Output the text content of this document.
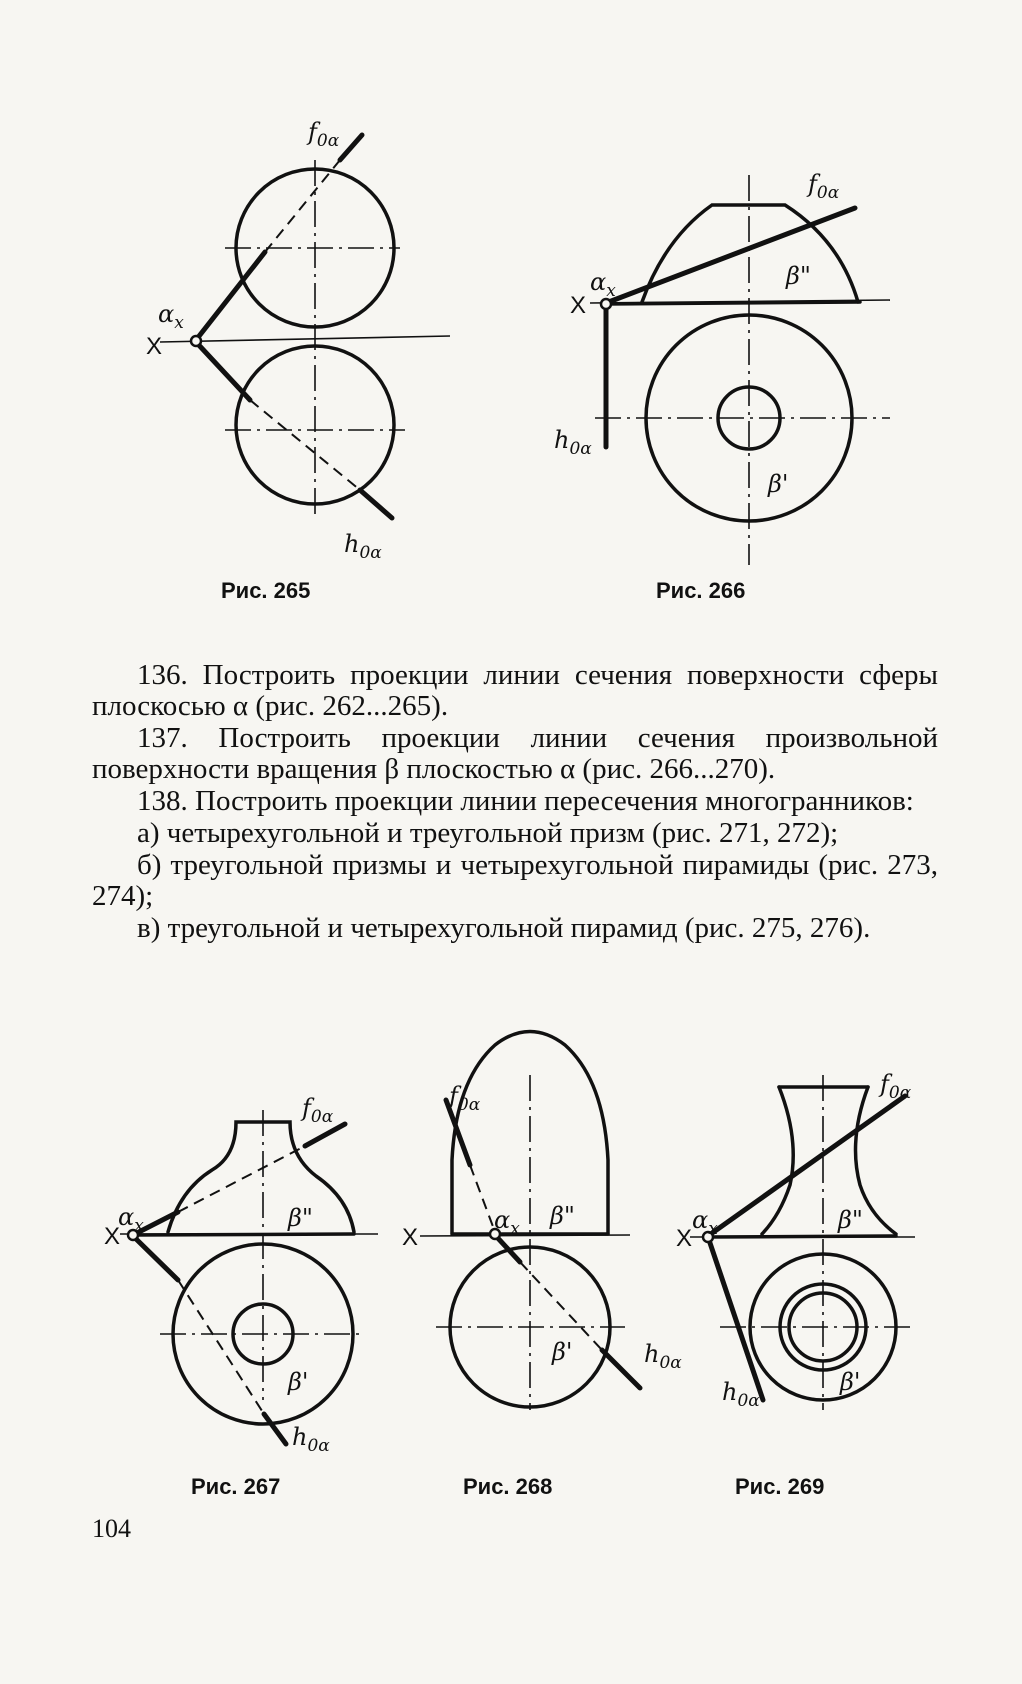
$f_{0\alpha}$
$h_{0\alpha}$
$\alpha_x$
X
Рис. 265
$f_{0\alpha}$
$h_{0\alpha}$
$\alpha_x$
X
β"
β'
Рис. 266

136. Построить проекции линии сечения поверхности сферы плоскосью α (рис. 262...265).

137. Построить проекции линии сечения произвольной поверхности вращения β плоскостью α (рис. 266...270).

138. Построить проекции линии пересечения многогранников:

а) четырехугольной и треугольной призм (рис. 271, 272);

б) треугольной призмы и четырехугольной пирамиды (рис. 273, 274);

в) треугольной и четырехугольной пирамид (рис. 275, 276).

$f_{0\alpha}$
$h_{0\alpha}$
$\alpha_x$
X
β"
β'
Рис. 267
$f_{0\alpha}$
$h_{0\alpha}$
$\alpha_x$
X
β"
β'
Рис. 268
$f_{0\alpha}$
$h_{0\alpha}$
$\alpha_x$
X
β"
β'
Рис. 269
104
